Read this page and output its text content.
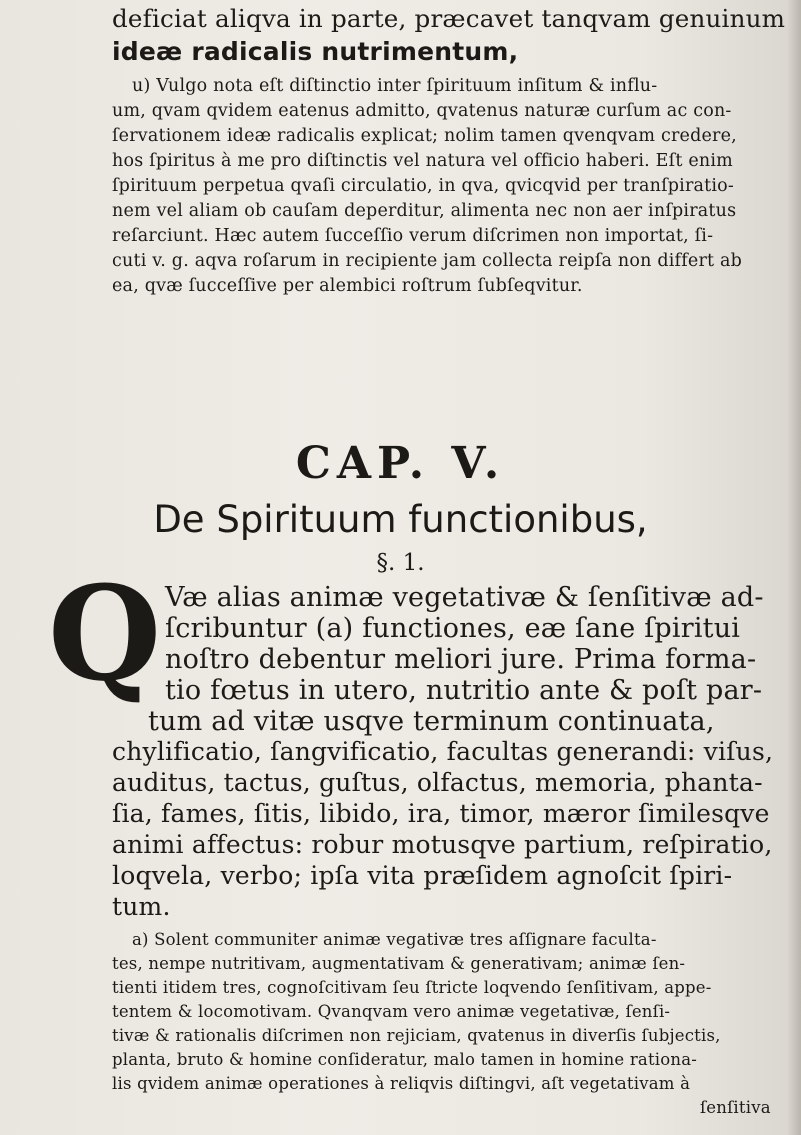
deficiat aliqva in parte, præcavet tanqvam genuinum
ideæ radicalis nutrimentum,
u) Vulgo nota eſt diſtinctio inter ſpirituum inſitum & influ-
um, qvam qvidem eatenus admitto, qvatenus naturæ curſum ac con-
ſervationem ideæ radicalis explicat; nolim tamen qvenqvam credere,
hos ſpiritus à me pro diſtinctis vel natura vel officio haberi. Eſt enim
ſpirituum perpetua qvaſi circulatio, in qva, qvicqvid per tranſpiratio-
nem vel aliam ob cauſam deperditur, alimenta nec non aer inſpiratus
reſarciunt. Hæc autem ſucceſſio verum diſcrimen non importat, ſi-
cuti v. g. aqva roſarum in recipiente jam collecta reipſa non differt ab
ea, qvæ ſucceſſive per alembici roſtrum ſubſeqvitur.
CAP. V.
De Spirituum functionibus,
§. 1.
Q Væ alias animæ vegetativæ & ſenſitivæ ad-
ſcribuntur (a) functiones, eæ ſane ſpiritui
noſtro debentur meliori jure. Prima forma-
tio fœtus in utero, nutritio ante & poſt par-
tum ad vitæ usqve terminum continuata,
chylificatio, ſangvificatio, facultas generandi: viſus,
auditus, tactus, guſtus, olfactus, memoria, phanta-
ſia, fames, ſitis, libido, ira, timor, mæror ſimilesqve
animi affectus: robur motusqve partium, reſpiratio,
loqvela, verbo; ipſa vita præſidem agnoſcit ſpiri-
tum.
a) Solent communiter animæ vegativæ tres aſſignare faculta-
tes, nempe nutritivam, augmentativam & generativam; animæ ſen-
tienti itidem tres, cognoſcitivam ſeu ſtricte loqvendo ſenſitivam, appe-
tentem & locomotivam. Qvanqvam vero animæ vegetativæ, ſenſi-
tivæ & rationalis diſcrimen non rejiciam, qvatenus in diverſis ſubjectis,
planta, bruto & homine conſideratur, malo tamen in homine rationa-
lis qvidem animæ operationes à reliqvis diſtingvi, aſt vegetativam à
ſenſitiva
